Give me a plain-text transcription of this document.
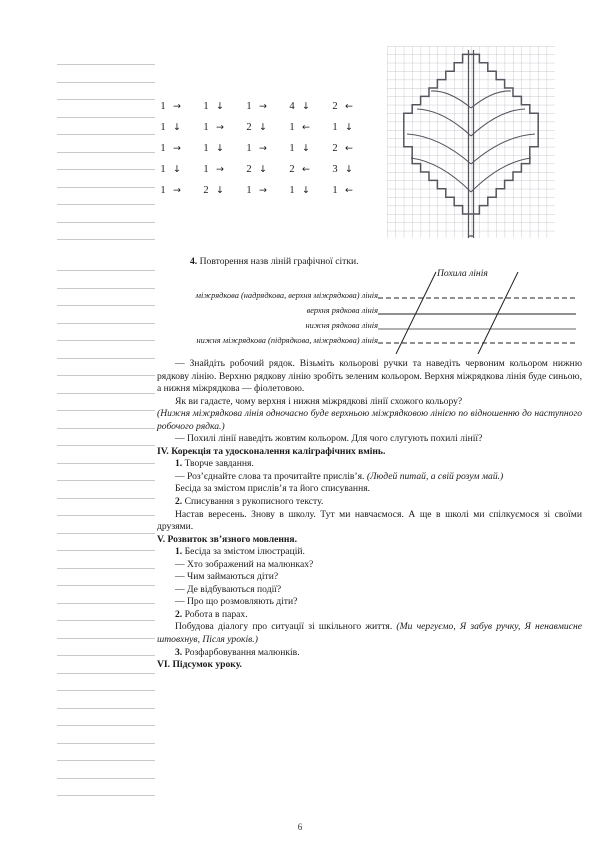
1 →	1 ↓	1 →	4 ↓	2 ←
1 ↓	1 →	2 ↓	1 ←	1 ↓
1 →	1 ↓	1 →	1 ↓	2 ←
1 ↓	1 →	2 ↓	2 ←	3 ↓
1 →	2 ↓	1 →	1 ↓	1 ←
4. Повторення назв ліній графічної сітки.
Похила лінія
міжрядкова (надрядкова, верхня міжрядкова) лінія
верхня рядкова лінія
нижня рядкова лінія
нижня міжрядкова (підрядкова, міжрядкова) лінія

— Знайдіть робочий рядок. Візьміть кольорові ручки та наведіть червоним кольором нижню рядкову лінію. Верхню рядкову лінію зробіть зеленим кольором. Верхня міжрядкова лінія буде синьою, а нижня міжрядкова — фіолетовою.

Як ви гадаєте, чому верхня і нижня міжрядкові лінії схожого кольору?

(Нижня міжрядкова лінія одночасно буде верхньою міжрядковою лінією по відношенню до наступного робочого рядка.)

— Похилі лінії наведіть жовтим кольором. Для чого слугують похилі лінії?

IV. Корекція та удосконалення каліграфічних вмінь.

1. Творче завдання.

— Роз’єднайте слова та прочитайте прислів’я. (Людей питай, а свій розум май.)

Бесіда за змістом прислів’я та його списування.

2. Списування з рукописного тексту.

Настав вересень. Знову в школу. Тут ми навчаємося. А ще в школі ми спілкуємося зі своїми друзями.

V. Розвиток зв’язного мовлення.

1. Бесіда за змістом ілюстрацій.

— Хто зображений на малюнках?

— Чим займаються діти?

— Де відбуваються події?

— Про що розмовляють діти?

2. Робота в парах.

Побудова діалогу про ситуації зі шкільного життя. (Ми чергуємо, Я забув ручку, Я ненавмисне штовхнув, Після уроків.)

3. Розфарбовування малюнків.

VI. Підсумок уроку.

6
